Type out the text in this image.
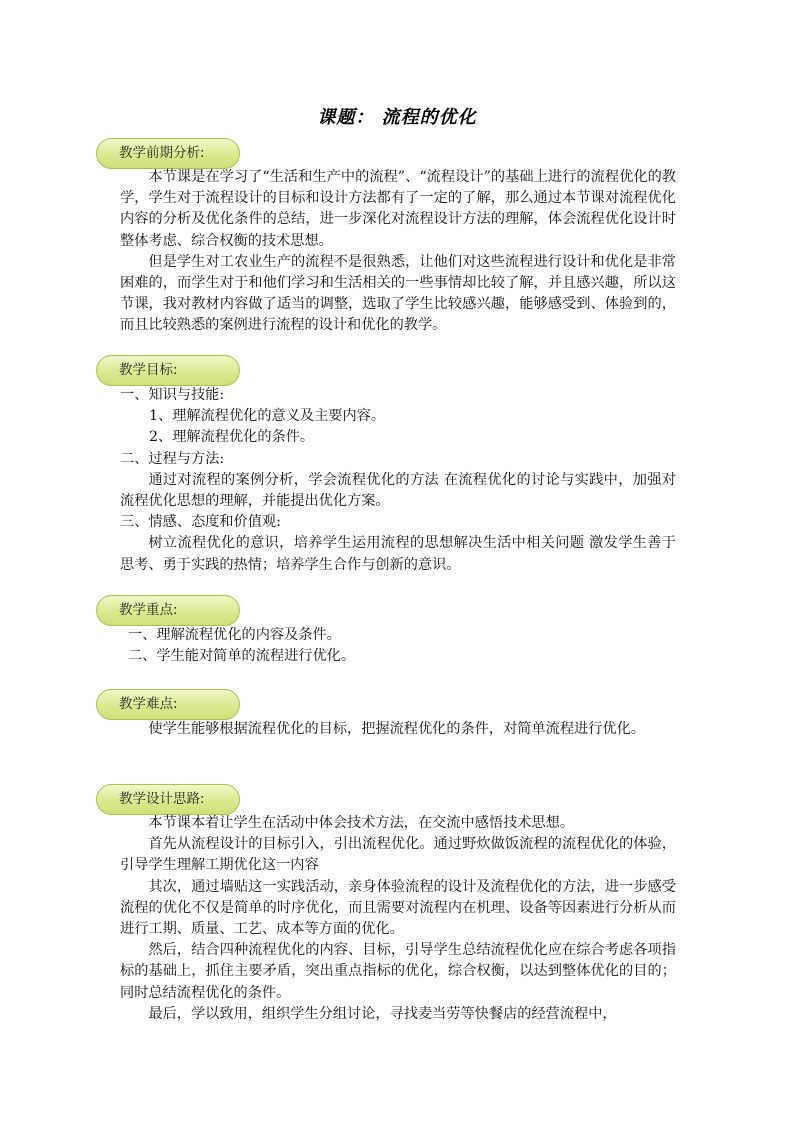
课题： 流程的优化
教学前期分析:

本节课是在学习了“生活和生产中的流程”、“流程设计”的基础上进行的流程优化的教学，学生对于流程设计的目标和设计方法都有了一定的了解，那么通过本节课对流程优化内容的分析及优化条件的总结，进一步深化对流程设计方法的理解，体会流程优化设计时整体考虑、综合权衡的技术思想。

但是学生对工农业生产的流程不是很熟悉，让他们对这些流程进行设计和优化是非常困难的，而学生对于和他们学习和生活相关的一些事情却比较了解，并且感兴趣，所以这节课，我对教材内容做了适当的调整，选取了学生比较感兴趣，能够感受到、体验到的，而且比较熟悉的案例进行流程的设计和优化的教学。

教学目标:

一、知识与技能:

1、理解流程优化的意义及主要内容。

2、理解流程优化的条件。

二、过程与方法:

通过对流程的案例分析，学会流程优化的方法 在流程优化的讨论与实践中，加强对流程优化思想的理解，并能提出优化方案。

三、情感、态度和价值观:

树立流程优化的意识，培养学生运用流程的思想解决生活中相关问题 激发学生善于思考、勇于实践的热情；培养学生合作与创新的意识。

教学重点:

一、理解流程优化的内容及条件。

二、学生能对简单的流程进行优化。

教学难点:

使学生能够根据流程优化的目标，把握流程优化的条件，对简单流程进行优化。

教学设计思路:

本节课本着让学生在活动中体会技术方法，在交流中感悟技术思想。

首先从流程设计的目标引入，引出流程优化。通过野炊做饭流程的流程优化的体验，引导学生理解工期优化这一内容

其次，通过墙贴这一实践活动，亲身体验流程的设计及流程优化的方法，进一步感受流程的优化不仅是简单的时序优化，而且需要对流程内在机理、设备等因素进行分析从而进行工期、质量、工艺、成本等方面的优化。

然后，结合四种流程优化的内容、目标，引导学生总结流程优化应在综合考虑各项指标的基础上，抓住主要矛盾，突出重点指标的优化，综合权衡，以达到整体优化的目的；同时总结流程优化的条件。

最后，学以致用，组织学生分组讨论，寻找麦当劳等快餐店的经营流程中，
